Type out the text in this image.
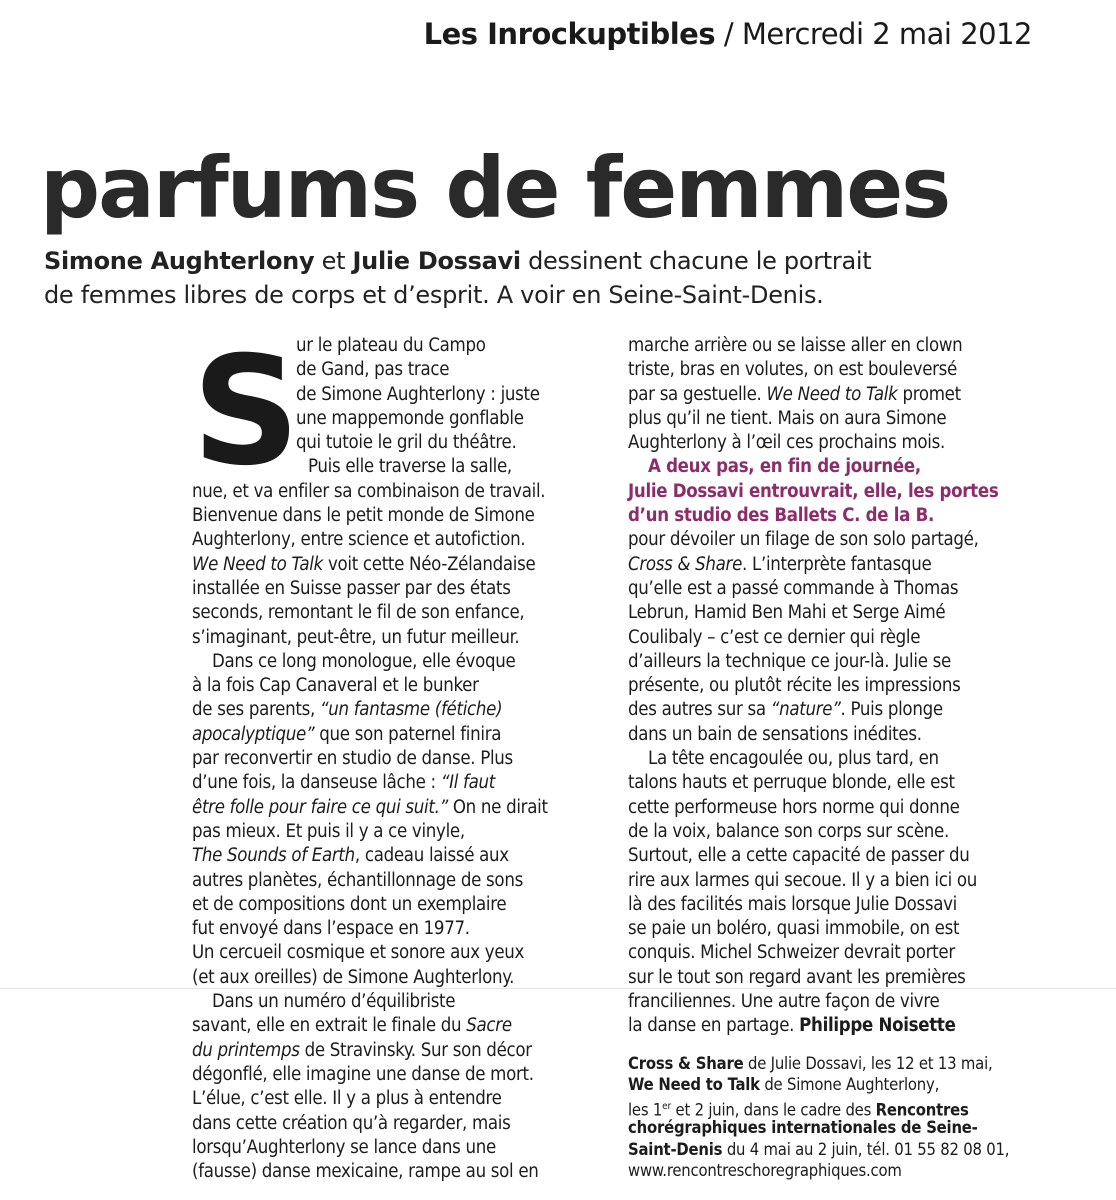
Les Inrockuptibles / Mercredi 2 mai 2012
parfums de femmes
Simone Aughterlony et Julie Dossavi dessinent chacune le portrait
de femmes libres de corps et d’esprit. A voir en Seine-Saint-Denis.
S
ur le plateau du Campo
de Gand, pas trace
de Simone Aughterlony : juste
une mappemonde gonflable
qui tutoie le gril du théâtre.
Puis elle traverse la salle,
nue, et va enfiler sa combinaison de travail.
Bienvenue dans le petit monde de Simone
Aughterlony, entre science et autofiction.
We Need to Talk voit cette Néo-Zélandaise
installée en Suisse passer par des états
seconds, remontant le fil de son enfance,
s’imaginant, peut-être, un futur meilleur.
Dans ce long monologue, elle évoque
à la fois Cap Canaveral et le bunker
de ses parents, “un fantasme (fétiche)
apocalyptique” que son paternel finira
par reconvertir en studio de danse. Plus
d’une fois, la danseuse lâche : “Il faut
être folle pour faire ce qui suit.” On ne dirait
pas mieux. Et puis il y a ce vinyle,
The Sounds of Earth, cadeau laissé aux
autres planètes, échantillonnage de sons
et de compositions dont un exemplaire
fut envoyé dans l’espace en 1977.
Un cercueil cosmique et sonore aux yeux
(et aux oreilles) de Simone Aughterlony.
Dans un numéro d’équilibriste
savant, elle en extrait le finale du Sacre
du printemps de Stravinsky. Sur son décor
dégonflé, elle imagine une danse de mort.
L’élue, c’est elle. Il y a plus à entendre
dans cette création qu’à regarder, mais
lorsqu’Aughterlony se lance dans une
(fausse) danse mexicaine, rampe au sol en
marche arrière ou se laisse aller en clown
triste, bras en volutes, on est bouleversé
par sa gestuelle. We Need to Talk promet
plus qu’il ne tient. Mais on aura Simone
Aughterlony à l’œil ces prochains mois.
A deux pas, en fin de journée,
Julie Dossavi entrouvrait, elle, les portes
d’un studio des Ballets C. de la B.
pour dévoiler un filage de son solo partagé,
Cross & Share. L’interprète fantasque
qu’elle est a passé commande à Thomas
Lebrun, Hamid Ben Mahi et Serge Aimé
Coulibaly – c’est ce dernier qui règle
d’ailleurs la technique ce jour-là. Julie se
présente, ou plutôt récite les impressions
des autres sur sa “nature”. Puis plonge
dans un bain de sensations inédites.
La tête encagoulée ou, plus tard, en
talons hauts et perruque blonde, elle est
cette performeuse hors norme qui donne
de la voix, balance son corps sur scène.
Surtout, elle a cette capacité de passer du
rire aux larmes qui secoue. Il y a bien ici ou
là des facilités mais lorsque Julie Dossavi
se paie un boléro, quasi immobile, on est
conquis. Michel Schweizer devrait porter
sur le tout son regard avant les premières
franciliennes. Une autre façon de vivre
la danse en partage. Philippe Noisette
Cross & Share de Julie Dossavi, les 12 et 13 mai,
We Need to Talk de Simone Aughterlony,
les 1er et 2 juin, dans le cadre des Rencontres
chorégraphiques internationales de Seine-
Saint-Denis du 4 mai au 2 juin, tél. 01 55 82 08 01,
www.rencontreschoregraphiques.com
